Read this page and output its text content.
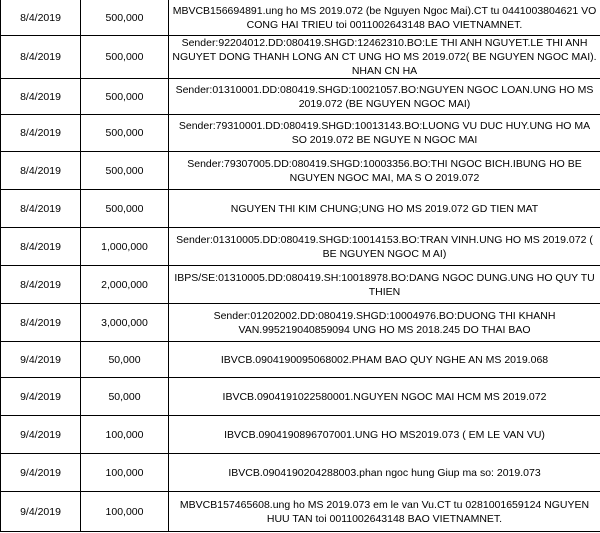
8/4/2019	500,000	MBVCB156694891.ung ho MS 2019.072 (be Nguyen Ngoc Mai).CT tu 0441003804621 VO CONG HAI TRIEU toi 0011002643148 BAO VIETNAMNET.
8/4/2019	500,000	Sender:92204012.DD:080419.SHGD:12462310.BO:LE THI ANH NGUYET.LE THI ANH NGUYET DONG THANH LONG AN CT UNG HO MS 2019.072( BE NGUYEN NGOC MAI). NHAN CN HA
8/4/2019	500,000	Sender:01310001.DD:080419.SHGD:10021057.BO:NGUYEN NGOC LOAN.UNG HO MS 2019.072 (BE NGUYEN NGOC MAI)
8/4/2019	500,000	Sender:79310001.DD:080419.SHGD:10013143.BO:LUONG VU DUC HUY.UNG HO MA SO 2019.072 BE NGUYE N NGOC MAI
8/4/2019	500,000	Sender:79307005.DD:080419.SHGD:10003356.BO:THI NGOC BICH.IBUNG HO BE NGUYEN NGOC MAI, MA S O 2019.072
8/4/2019	500,000	NGUYEN THI KIM CHUNG;UNG HO MS 2019.072 GD TIEN MAT
8/4/2019	1,000,000	Sender:01310005.DD:080419.SHGD:10014153.BO:TRAN VINH.UNG HO MS 2019.072 ( BE NGUYEN NGOC M AI)
8/4/2019	2,000,000	IBPS/SE:01310005.DD:080419.SH:10018978.BO:DANG NGOC DUNG.UNG HO QUY TU THIEN
8/4/2019	3,000,000	Sender:01202002.DD:080419.SHGD:10004976.BO:DUONG THI KHANH VAN.995219040859094 UNG HO MS 2018.245 DO THAI BAO
9/4/2019	50,000	IBVCB.0904190095068002.PHAM BAO QUY NGHE AN MS 2019.068
9/4/2019	50,000	IBVCB.0904191022580001.NGUYEN NGOC MAI HCM MS 2019.072
9/4/2019	100,000	IBVCB.0904190896707001.UNG HO MS2019.073 ( EM LE VAN VU)
9/4/2019	100,000	IBVCB.0904190204288003.phan ngoc hung Giup ma so: 2019.073
9/4/2019	100,000	MBVCB157465608.ung ho MS 2019.073 em le van Vu.CT tu 0281001659124 NGUYEN HUU TAN toi 0011002643148 BAO VIETNAMNET.
